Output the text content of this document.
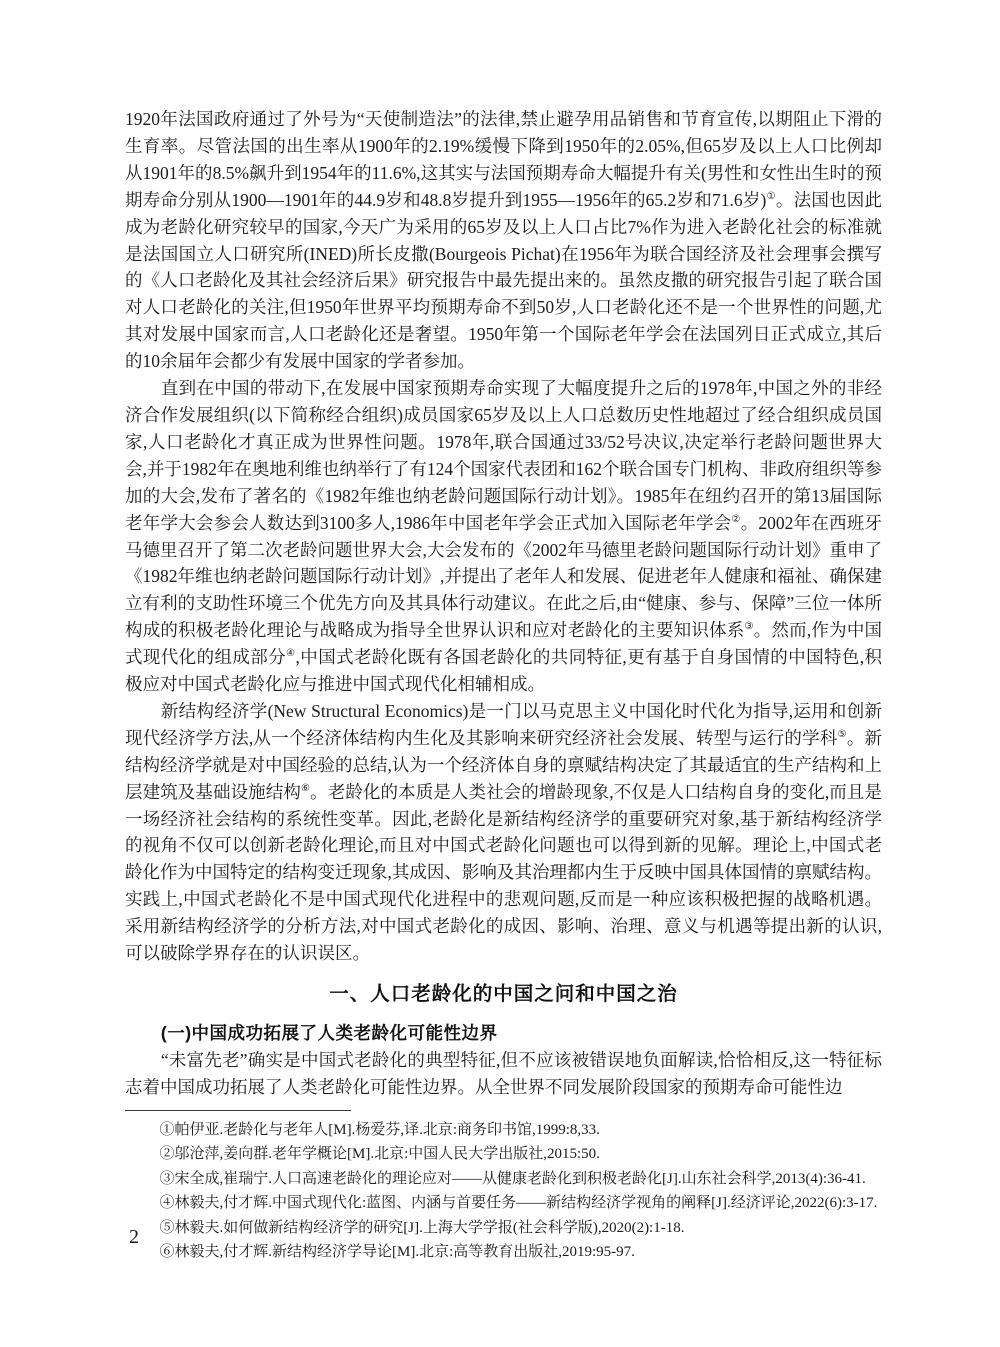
1920年法国政府通过了外号为“天使制造法”的法律,禁止避孕用品销售和节育宣传,以期阻止下滑的生育率。尽管法国的出生率从1900年的2.19%缓慢下降到1950年的2.05%,但65岁及以上人口比例却从1901年的8.5%飙升到1954年的11.6%,这其实与法国预期寿命大幅提升有关(男性和女性出生时的预期寿命分别从1900—1901年的44.9岁和48.8岁提升到1955—1956年的65.2岁和71.6岁)①。法国也因此成为老龄化研究较早的国家,今天广为采用的65岁及以上人口占比7%作为进入老龄化社会的标准就是法国国立人口研究所(INED)所长皮撒(Bourgeois Pichat)在1956年为联合国经济及社会理事会撰写的《人口老龄化及其社会经济后果》研究报告中最先提出来的。虽然皮撒的研究报告引起了联合国对人口老龄化的关注,但1950年世界平均预期寿命不到50岁,人口老龄化还不是一个世界性的问题,尤其对发展中国家而言,人口老龄化还是奢望。1950年第一个国际老年学会在法国列日正式成立,其后的10余届年会都少有发展中国家的学者参加。

直到在中国的带动下,在发展中国家预期寿命实现了大幅度提升之后的1978年,中国之外的非经济合作发展组织(以下简称经合组织)成员国家65岁及以上人口总数历史性地超过了经合组织成员国家,人口老龄化才真正成为世界性问题。1978年,联合国通过33/52号决议,决定举行老龄问题世界大会,并于1982年在奥地利维也纳举行了有124个国家代表团和162个联合国专门机构、非政府组织等参加的大会,发布了著名的《1982年维也纳老龄问题国际行动计划》。1985年在纽约召开的第13届国际老年学大会参会人数达到3100多人,1986年中国老年学会正式加入国际老年学会②。2002年在西班牙马德里召开了第二次老龄问题世界大会,大会发布的《2002年马德里老龄问题国际行动计划》重申了《1982年维也纳老龄问题国际行动计划》,并提出了老年人和发展、促进老年人健康和福祉、确保建立有利的支助性环境三个优先方向及其具体行动建议。在此之后,由“健康、参与、保障”三位一体所构成的积极老龄化理论与战略成为指导全世界认识和应对老龄化的主要知识体系③。然而,作为中国式现代化的组成部分④,中国式老龄化既有各国老龄化的共同特征,更有基于自身国情的中国特色,积极应对中国式老龄化应与推进中国式现代化相辅相成。

新结构经济学(New Structural Economics)是一门以马克思主义中国化时代化为指导,运用和创新现代经济学方法,从一个经济体结构内生化及其影响来研究经济社会发展、转型与运行的学科⑤。新结构经济学就是对中国经验的总结,认为一个经济体自身的禀赋结构决定了其最适宜的生产结构和上层建筑及基础设施结构⑥。老龄化的本质是人类社会的增龄现象,不仅是人口结构自身的变化,而且是一场经济社会结构的系统性变革。因此,老龄化是新结构经济学的重要研究对象,基于新结构经济学的视角不仅可以创新老龄化理论,而且对中国式老龄化问题也可以得到新的见解。理论上,中国式老龄化作为中国特定的结构变迁现象,其成因、影响及其治理都内生于反映中国具体国情的禀赋结构。实践上,中国式老龄化不是中国式现代化进程中的悲观问题,反而是一种应该积极把握的战略机遇。采用新结构经济学的分析方法,对中国式老龄化的成因、影响、治理、意义与机遇等提出新的认识,可以破除学界存在的认识误区。

一、人口老龄化的中国之问和中国之治
(一)中国成功拓展了人类老龄化可能性边界

“未富先老”确实是中国式老龄化的典型特征,但不应该被错误地负面解读,恰恰相反,这一特征标志着中国成功拓展了人类老龄化可能性边界。从全世界不同发展阶段国家的预期寿命可能性边

①帕伊亚.老龄化与老年人[M].杨爱芬,译.北京:商务印书馆,1999:8,33.

②邬沧萍,姜向群.老年学概论[M].北京:中国人民大学出版社,2015:50.

③宋全成,崔瑞宁.人口高速老龄化的理论应对——从健康老龄化到积极老龄化[J].山东社会科学,2013(4):36-41.

④林毅夫,付才辉.中国式现代化:蓝图、内涵与首要任务——新结构经济学视角的阐释[J].经济评论,2022(6):3-17.

⑤林毅夫.如何做新结构经济学的研究[J].上海大学学报(社会科学版),2020(2):1-18.

⑥林毅夫,付才辉.新结构经济学导论[M].北京:高等教育出版社,2019:95-97.

2
